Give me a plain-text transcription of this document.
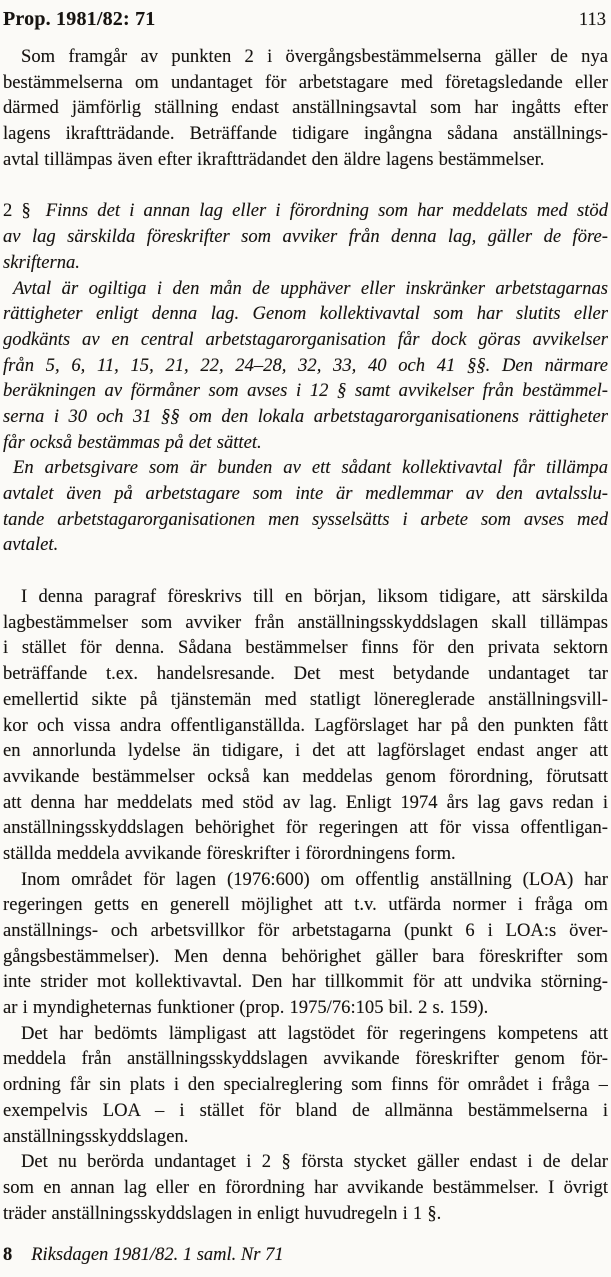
Prop. 1981/82: 71	113
Som framgår av punkten 2 i övergångsbestämmelserna gäller de nya
bestämmelserna om undantaget för arbetstagare med företagsledande eller
därmed jämförlig ställning endast anställningsavtal som har ingåtts efter
lagens ikraftträdande. Beträffande tidigare ingångna sådana anställnings-
avtal tillämpas även efter ikraftträdandet den äldre lagens bestämmelser.
2 § Finns det i annan lag eller i förordning som har meddelats med stöd
av lag särskilda föreskrifter som avviker från denna lag, gäller de före-
skrifterna.
Avtal är ogiltiga i den mån de upphäver eller inskränker arbetstagarnas
rättigheter enligt denna lag. Genom kollektivavtal som har slutits eller
godkänts av en central arbetstagarorganisation får dock göras avvikelser
från 5, 6, 11, 15, 21, 22, 24–28, 32, 33, 40 och 41 §§. Den närmare
beräkningen av förmåner som avses i 12 § samt avvikelser från bestämmel-
serna i 30 och 31 §§ om den lokala arbetstagarorganisationens rättigheter
får också bestämmas på det sättet.
En arbetsgivare som är bunden av ett sådant kollektivavtal får tillämpa
avtalet även på arbetstagare som inte är medlemmar av den avtalsslu-
tande arbetstagarorganisationen men sysselsätts i arbete som avses med
avtalet.
I denna paragraf föreskrivs till en början, liksom tidigare, att särskilda
lagbestämmelser som avviker från anställningsskyddslagen skall tillämpas
i stället för denna. Sådana bestämmelser finns för den privata sektorn
beträffande t.ex. handelsresande. Det mest betydande undantaget tar
emellertid sikte på tjänstemän med statligt lönereglerade anställningsvill-
kor och vissa andra offentliganställda. Lagförslaget har på den punkten fått
en annorlunda lydelse än tidigare, i det att lagförslaget endast anger att
avvikande bestämmelser också kan meddelas genom förordning, förutsatt
att denna har meddelats med stöd av lag. Enligt 1974 års lag gavs redan i
anställningsskyddslagen behörighet för regeringen att för vissa offentligan-
ställda meddela avvikande föreskrifter i förordningens form.
Inom området för lagen (1976:600) om offentlig anställning (LOA) har
regeringen getts en generell möjlighet att t.v. utfärda normer i fråga om
anställnings- och arbetsvillkor för arbetstagarna (punkt 6 i LOA:s över-
gångsbestämmelser). Men denna behörighet gäller bara föreskrifter som
inte strider mot kollektivavtal. Den har tillkommit för att undvika störning-
ar i myndigheternas funktioner (prop. 1975/76:105 bil. 2 s. 159).
Det har bedömts lämpligast att lagstödet för regeringens kompetens att
meddela från anställningsskyddslagen avvikande föreskrifter genom för-
ordning får sin plats i den specialreglering som finns för området i fråga –
exempelvis LOA – i stället för bland de allmänna bestämmelserna i
anställningsskyddslagen.
Det nu berörda undantaget i 2 § första stycket gäller endast i de delar
som en annan lag eller en förordning har avvikande bestämmelser. I övrigt
träder anställningsskyddslagen in enligt huvudregeln i 1 §.
8 Riksdagen 1981/82. 1 saml. Nr 71
